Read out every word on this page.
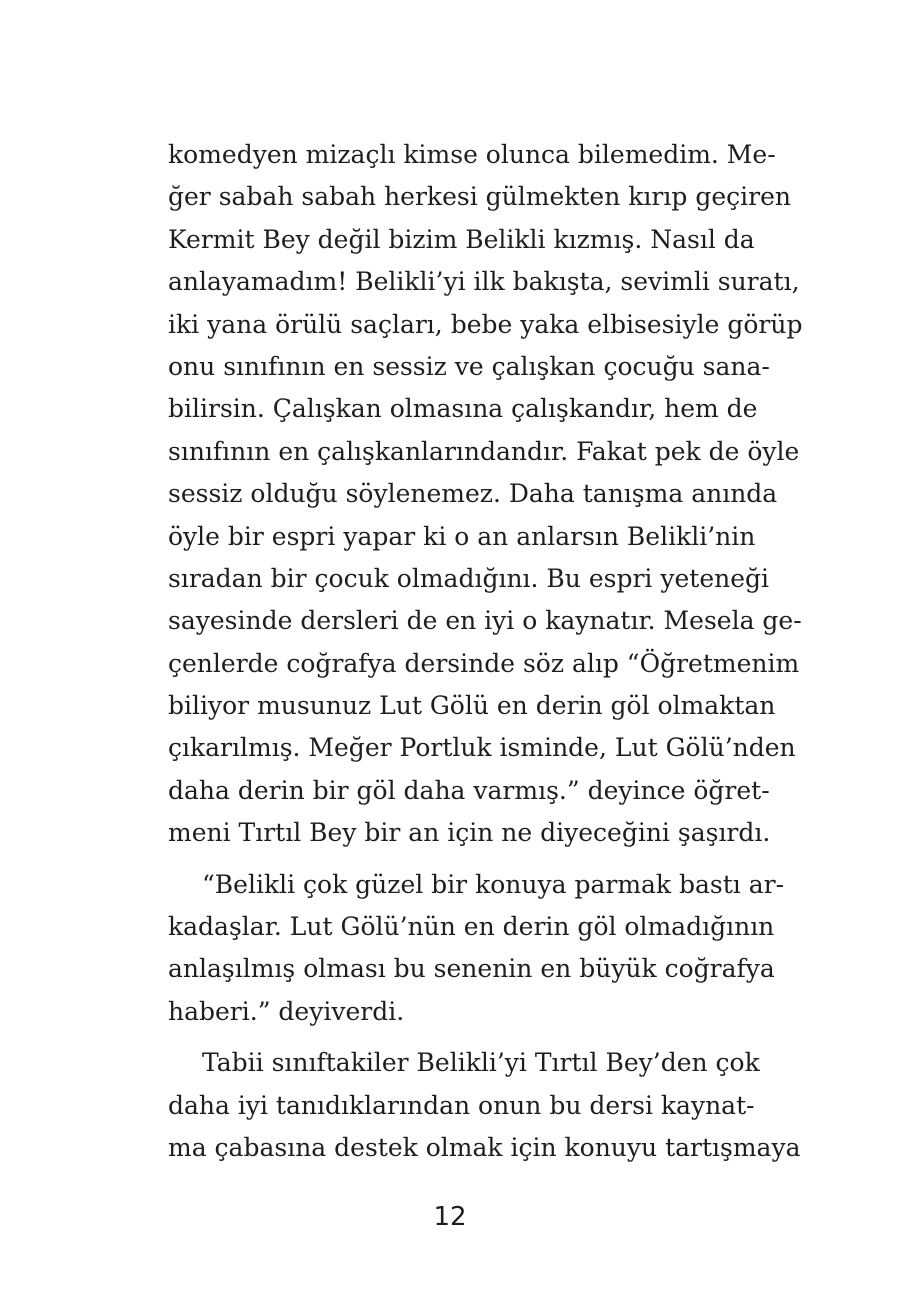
komedyen mizaçlı kimse olunca bilemedim. Me-
ğer sabah sabah herkesi gülmekten kırıp geçiren
Kermit Bey değil bizim Belikli kızmış. Nasıl da
anlayamadım! Belikli’yi ilk bakışta, sevimli suratı,
iki yana örülü saçları, bebe yaka elbisesiyle görüp
onu sınıfının en sessiz ve çalışkan çocuğu sana-
bilirsin. Çalışkan olmasına çalışkandır, hem de
sınıfının en çalışkanlarındandır. Fakat pek de öyle
sessiz olduğu söylenemez. Daha tanışma anında
öyle bir espri yapar ki o an anlarsın Belikli’nin
sıradan bir çocuk olmadığını. Bu espri yeteneği
sayesinde dersleri de en iyi o kaynatır. Mesela ge-
çenlerde coğrafya dersinde söz alıp “Öğretmenim
biliyor musunuz Lut Gölü en derin göl olmaktan
çıkarılmış. Meğer Portluk isminde, Lut Gölü’nden
daha derin bir göl daha varmış.” deyince öğret-
meni Tırtıl Bey bir an için ne diyeceğini şaşırdı.
“Belikli çok güzel bir konuya parmak bastı ar-
kadaşlar. Lut Gölü’nün en derin göl olmadığının
anlaşılmış olması bu senenin en büyük coğrafya
haberi.” deyiverdi.
Tabii sınıftakiler Belikli’yi Tırtıl Bey’den çok
daha iyi tanıdıklarından onun bu dersi kaynat-
ma çabasına destek olmak için konuyu tartışmaya
12
